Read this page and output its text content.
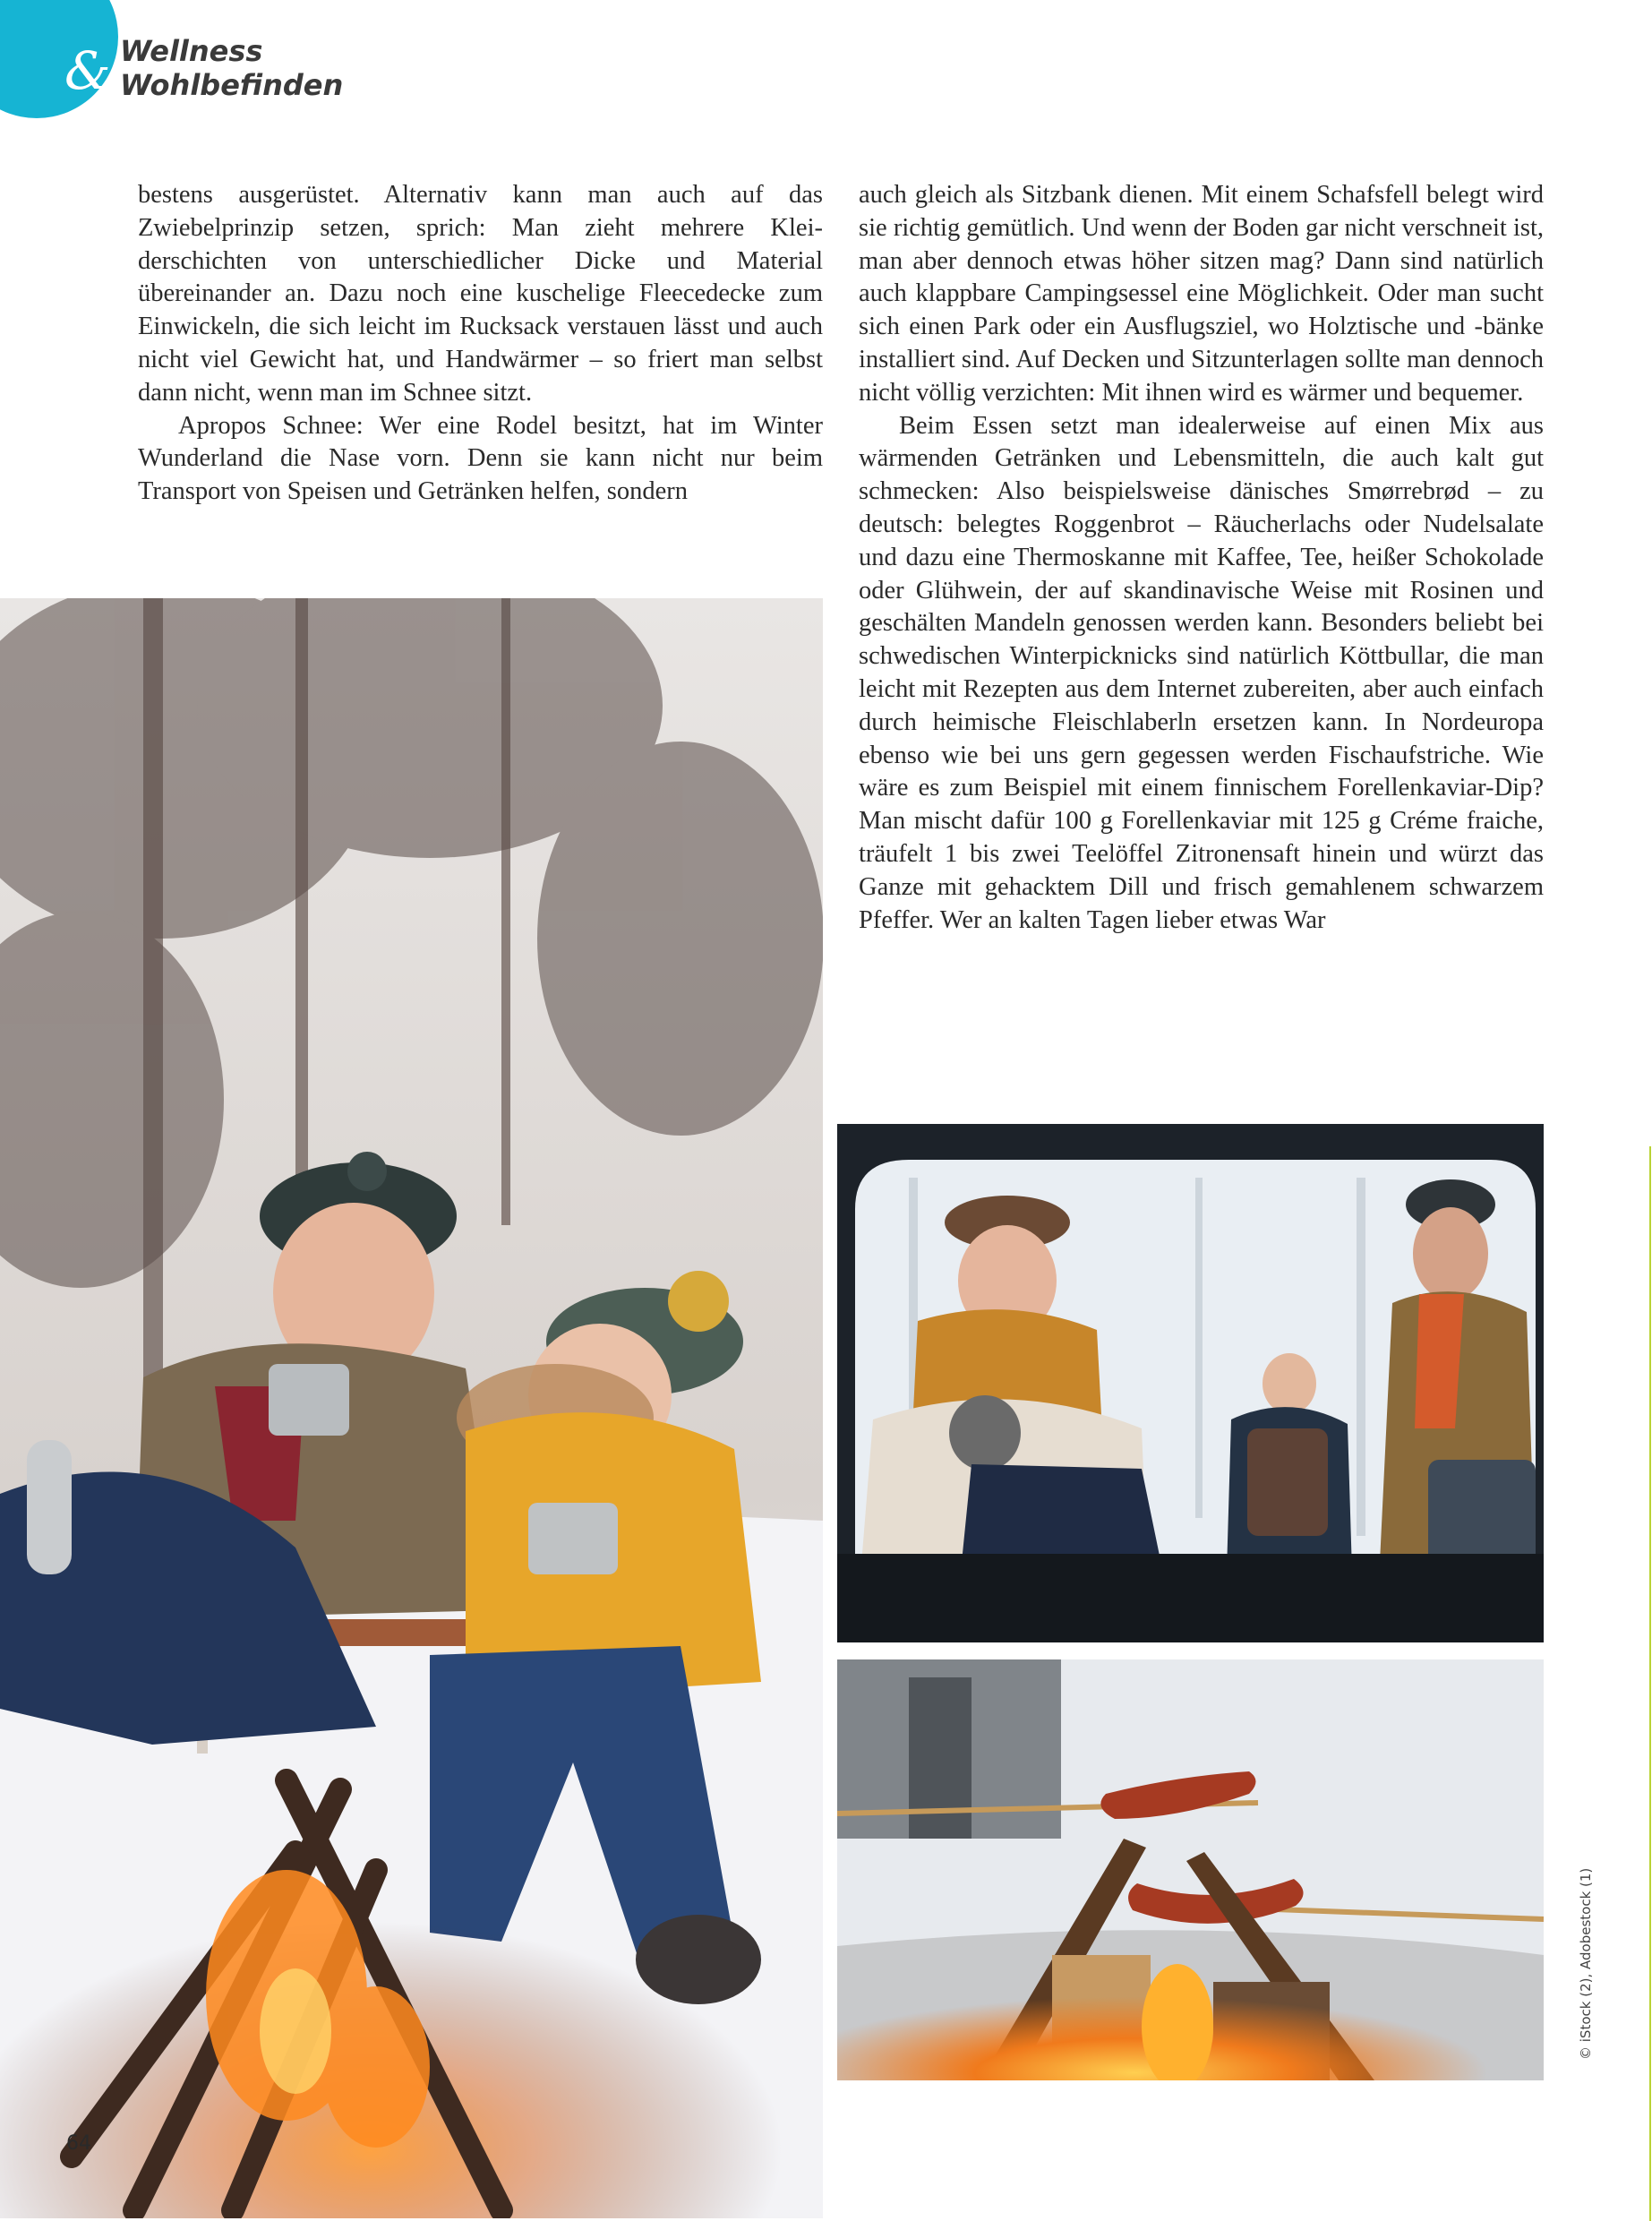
& Wellness
Wohlbefinden

bestens ausgerüstet. Alternativ kann man auch auf das Zwiebelprinzip setzen, sprich: Man zieht mehrere Kleiderschichten von unterschiedlicher Dicke und Material übereinander an. Dazu noch eine kuschelige Fleecedecke zum Einwickeln, die sich leicht im Rucksack verstauen lässt und auch nicht viel Gewicht hat, und Handwärmer – so friert man selbst dann nicht, wenn man im Schnee sitzt.

Apropos Schnee: Wer eine Rodel besitzt, hat im Winter Wunderland die Nase vorn. Denn sie kann nicht nur beim Transport von Speisen und Getränken helfen, sondern

auch gleich als Sitzbank dienen. Mit einem Schafsfell belegt wird sie richtig gemütlich. Und wenn der Boden gar nicht verschneit ist, man aber dennoch etwas höher sitzen mag? Dann sind natürlich auch klappbare Campingsessel eine Möglichkeit. Oder man sucht sich einen Park oder ein Ausflugsziel, wo Holztische und -bänke installiert sind. Auf Decken und Sitzunterlagen sollte man dennoch nicht völlig verzichten: Mit ihnen wird es wärmer und bequemer.

Beim Essen setzt man idealerweise auf einen Mix aus wärmenden Getränken und Lebensmitteln, die auch kalt gut schmecken: Also beispielsweise dänisches Smørrebrød – zu deutsch: belegtes Roggenbrot – Räucherlachs oder Nudelsalate und dazu eine Thermoskanne mit Kaffee, Tee, heißer Schokolade oder Glühwein, der auf skandinavische Weise mit Rosinen und geschälten Mandeln genossen werden kann. Besonders beliebt bei schwedischen Winterpicknicks sind natürlich Köttbullar, die man leicht mit Rezepten aus dem Internet zubereiten, aber auch einfach durch heimische Fleischlaberln ersetzen kann. In Nordeuropa ebenso wie bei uns gern gegessen werden Fischaufstriche. Wie wäre es zum Beispiel mit einem finnischem Forellenkaviar-Dip? Man mischt dafür 100 g Forellenkaviar mit 125 g Créme fraiche, träufelt 1 bis zwei Teelöffel Zitronensaft hinein und würzt das Ganze mit gehacktem Dill und frisch gemahlenem schwarzem Pfeffer. Wer an kalten Tagen lieber etwas War

64
© iStock (2), Adobestock (1)
